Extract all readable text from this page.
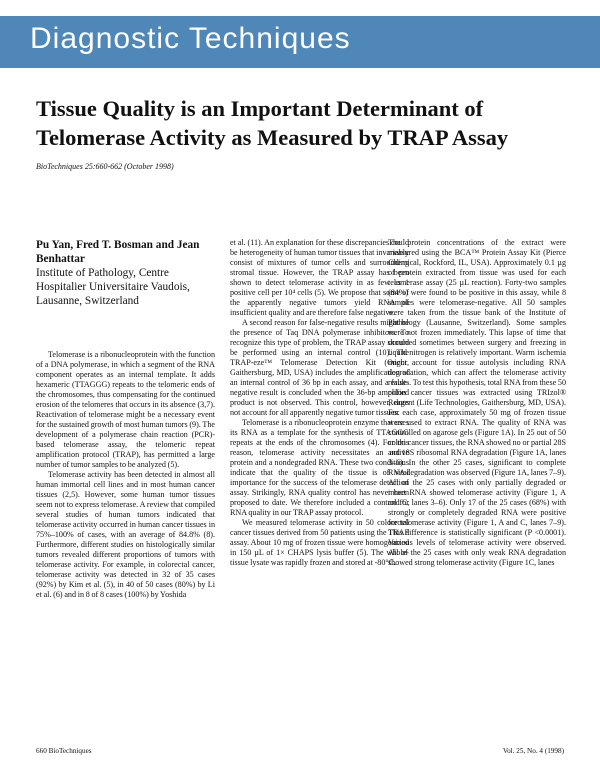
Diagnostic Techniques
Tissue Quality is an Important Determinant of Telomerase Activity as Measured by TRAP Assay
BioTechniques 25:660-662 (October 1998)
Pu Yan, Fred T. Bosman and Jean Benhattar
Institute of Pathology, Centre Hospitalier Universitaire Vaudois, Lausanne, Switzerland

Telomerase is a ribonucleoprotein with the function of a DNA polymerase, in which a segment of the RNA component operates as an internal template. It adds hexameric (TTAGGG) repeats to the telomeric ends of the chromosomes, thus compensating for the continued erosion of the telomeres that occurs in its absence (3,7). Reactivation of telomerase might be a necessary event for the sustained growth of most human tumors (9). The development of a polymerase chain reaction (PCR)-based telomerase assay, the telomeric repeat amplification protocol (TRAP), has permitted a large number of tumor samples to be analyzed (5).

Telomerase activity has been detected in almost all human immortal cell lines and in most human cancer tissues (2,5). However, some human tumor tissues seem not to express telomerase. A review that compiled several studies of human tumors indicated that telomerase activity occurred in human cancer tissues in 75%–100% of cases, with an average of 84.8% (8). Furthermore, different studies on histologically similar tumors revealed different proportions of tumors with telomerase activity. For example, in colorectal cancer, telomerase activity was detected in 32 of 35 cases (92%) by Kim et al. (5), in 40 of 50 cases (80%) by Li et al. (6) and in 8 of 8 cases (100%) by Yoshida

et al. (11). An explanation for these discrepancies could be heterogeneity of human tumor tissues that invariably consist of mixtures of tumor cells and surrounding stromal tissue. However, the TRAP assay has been shown to detect telomerase activity in as few as 1 positive cell per 10⁴ cells (5). We propose that some of the apparently negative tumors yield RNA of insufficient quality and are therefore false negative.

A second reason for false-negative results might be the presence of Taq DNA polymerase inhibitors. To recognize this type of problem, the TRAP assay should be performed using an internal control (10). The TRAP-eze™ Telomerase Detection Kit (Oncor, Gaithersburg, MD, USA) includes the amplification of an internal control of 36 bp in each assay, and a false-negative result is concluded when the 36-bp amplified product is not observed. This control, however, does not account for all apparently negative tumor tissues.

Telomerase is a ribonucleoprotein enzyme that uses its RNA as a template for the synthesis of TTAGGG repeats at the ends of the chromosomes (4). For this reason, telomerase activity necessitates an active protein and a nondegraded RNA. These two conditions indicate that the quality of the tissue is of vital importance for the success of the telomerase detection assay. Strikingly, RNA quality control has never been proposed to date. We therefore included a control for RNA quality in our TRAP assay protocol.

We measured telomerase activity in 50 colorectal cancer tissues derived from 50 patients using the TRAP assay. About 10 mg of frozen tissue were homogenized in 150 µL of 1× CHAPS lysis buffer (5). The whole-tissue lysate was rapidly frozen and stored at -80°C.

The protein concentrations of the extract were measured using the BCA™ Protein Assay Kit (Pierce Chemical, Rockford, IL, USA). Approximately 0.1 µg of protein extracted from tissue was used for each telomerase assay (25 µL reaction). Forty-two samples (84%) were found to be positive in this assay, while 8 samples were telomerase-negative. All 50 samples were taken from the tissue bank of the Institute of Pathology (Lausanne, Switzerland). Some samples were not frozen immediately. This lapse of time that occurred sometimes between surgery and freezing in liquid nitrogen is relatively important. Warm ischemia might account for tissue autolysis including RNA degradation, which can affect the telomerase activity results. To test this hypothesis, total RNA from these 50 colon cancer tissues was extracted using TRIzol® Reagent (Life Technologies, Gaithersburg, MD, USA). For each case, approximately 50 mg of frozen tissue were used to extract RNA. The quality of RNA was controlled on agarose gels (Figure 1A). In 25 out of 50 colon cancer tissues, the RNA showed no or partial 28S and 18S ribosomal RNA degradation (Figure 1A, lanes 3–6). In the other 25 cases, significant to complete RNA degradation was observed (Figure 1A, lanes 7–9). All of the 25 cases with only partially degraded or intact RNA showed telomerase activity (Figure 1, A and C, lanes 3–6). Only 17 of the 25 cases (68%) with strongly or completely degraded RNA were positive for telomerase activity (Figure 1, A and C, lanes 7–9). This difference is statistically significant (P <0.0001). Various levels of telomerase activity were observed. All of the 25 cases with only weak RNA degradation showed strong telomerase activity (Figure 1C, lanes

660 BioTechniques	Vol. 25, No. 4 (1998)
